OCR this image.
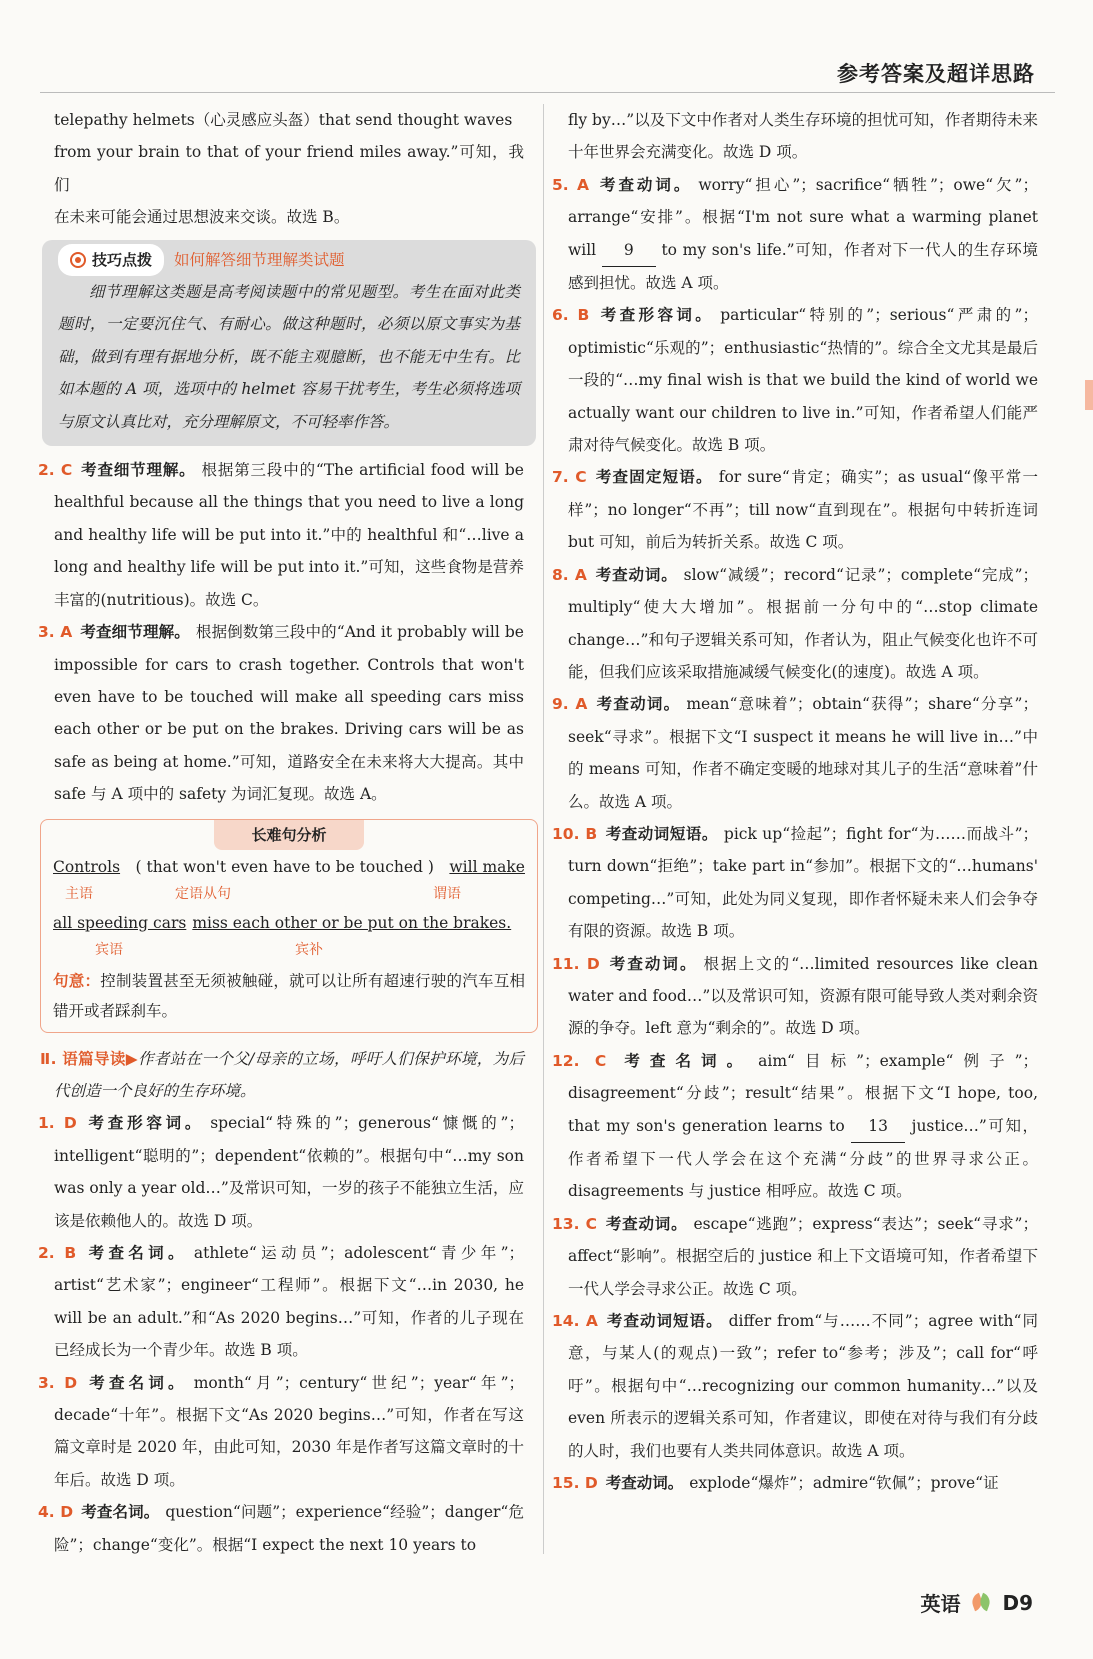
参考答案及超详思路

telepathy helmets（心灵感应头盔）that send thought waves

from your brain to that of your friend miles away.”可知，我们

在未来可能会通过思想波来交谈。故选 B。

技巧点拨 如何解答细节理解类试题

细节理解这类题是高考阅读题中的常见题型。考生在面对此类题时，一定要沉住气、有耐心。做这种题时，必须以原文事实为基础，做到有理有据地分析，既不能主观臆断，也不能无中生有。比如本题的 A 项，选项中的 helmet 容易干扰考生，考生必须将选项与原文认真比对，充分理解原文，不可轻率作答。

2. C 考查细节理解。 根据第三段中的“The artificial food will be healthful because all the things that you need to live a long and healthy life will be put into it.”中的 healthful 和“…live a long and healthy life will be put into it.”可知，这些食物是营养丰富的(nutritious)。故选 C。

3. A 考查细节理解。 根据倒数第三段中的“And it probably will be impossible for cars to crash together. Controls that won't even have to be touched will make all speeding cars miss each other or be put on the brakes. Driving cars will be as safe as being at home.”可知，道路安全在未来将大大提高。其中 safe 与 A 项中的 safety 为词汇复现。故选 A。

长难句分析
Controls ( that won't even have to be touched ) will make
主语	定语从句	谓语
all speeding cars miss each other or be put on the brakes.
宾语	宾补

句意：控制装置甚至无须被触碰，就可以让所有超速行驶的汽车互相错开或者踩刹车。

Ⅱ. 语篇导读▶作者站在一个父/母亲的立场，呼吁人们保护环境，为后代创造一个良好的生存环境。

1. D 考查形容词。 special“特殊的”；generous“慷慨的”；intelligent“聪明的”；dependent“依赖的”。根据句中“…my son was only a year old…”及常识可知，一岁的孩子不能独立生活，应该是依赖他人的。故选 D 项。

2. B 考查名词。 athlete“运动员”；adolescent“青少年”；artist“艺术家”；engineer“工程师”。根据下文“…in 2030, he will be an adult.”和“As 2020 begins…”可知，作者的儿子现在已经成长为一个青少年。故选 B 项。

3. D 考查名词。 month“月”；century“世纪”；year“年”；decade“十年”。根据下文“As 2020 begins…”可知，作者在写这篇文章时是 2020 年，由此可知，2030 年是作者写这篇文章时的十年后。故选 D 项。

4. D 考查名词。 question“问题”；experience“经验”；danger“危险”；change“变化”。根据“I expect the next 10 years to

fly by…”以及下文中作者对人类生存环境的担忧可知，作者期待未来十年世界会充满变化。故选 D 项。

5. A 考查动词。 worry“担心”；sacrifice“牺牲”；owe“欠”；arrange“安排”。根据“I'm not sure what a warming planet will 9 to my son's life.”可知，作者对下一代人的生存环境感到担忧。故选 A 项。

6. B 考查形容词。 particular“特别的”；serious“严肃的”；optimistic“乐观的”；enthusiastic“热情的”。综合全文尤其是最后一段的“…my final wish is that we build the kind of world we actually want our children to live in.”可知，作者希望人们能严肃对待气候变化。故选 B 项。

7. C 考查固定短语。 for sure“肯定；确实”；as usual“像平常一样”；no longer“不再”；till now“直到现在”。根据句中转折连词 but 可知，前后为转折关系。故选 C 项。

8. A 考查动词。 slow“减缓”；record“记录”；complete“完成”；multiply“使大大增加”。根据前一分句中的“…stop climate change…”和句子逻辑关系可知，作者认为，阻止气候变化也许不可能，但我们应该采取措施减缓气候变化(的速度)。故选 A 项。

9. A 考查动词。 mean“意味着”；obtain“获得”；share“分享”；seek“寻求”。根据下文“I suspect it means he will live in…”中的 means 可知，作者不确定变暖的地球对其儿子的生活“意味着”什么。故选 A 项。

10. B 考查动词短语。 pick up“捡起”；fight for“为……而战斗”；turn down“拒绝”；take part in“参加”。根据下文的“…humans' competing…”可知，此处为同义复现，即作者怀疑未来人们会争夺有限的资源。故选 B 项。

11. D 考查动词。 根据上文的“…limited resources like clean water and food…”以及常识可知，资源有限可能导致人类对剩余资源的争夺。left 意为“剩余的”。故选 D 项。

12. C 考查名词。 aim“目标”；example“例子”；disagreement“分歧”；result“结果”。根据下文“I hope, too, that my son's generation learns to 13 justice…”可知，作者希望下一代人学会在这个充满“分歧”的世界寻求公正。disagreements 与 justice 相呼应。故选 C 项。

13. C 考查动词。 escape“逃跑”；express“表达”；seek“寻求”；affect“影响”。根据空后的 justice 和上下文语境可知，作者希望下一代人学会寻求公正。故选 C 项。

14. A 考查动词短语。 differ from“与……不同”；agree with“同意，与某人(的观点)一致”；refer to“参考；涉及”；call for“呼吁”。根据句中“…recognizing our common humanity…”以及 even 所表示的逻辑关系可知，作者建议，即使在对待与我们有分歧的人时，我们也要有人类共同体意识。故选 A 项。

15. D 考查动词。 explode“爆炸”；admire“钦佩”；prove“证

英语 D9
